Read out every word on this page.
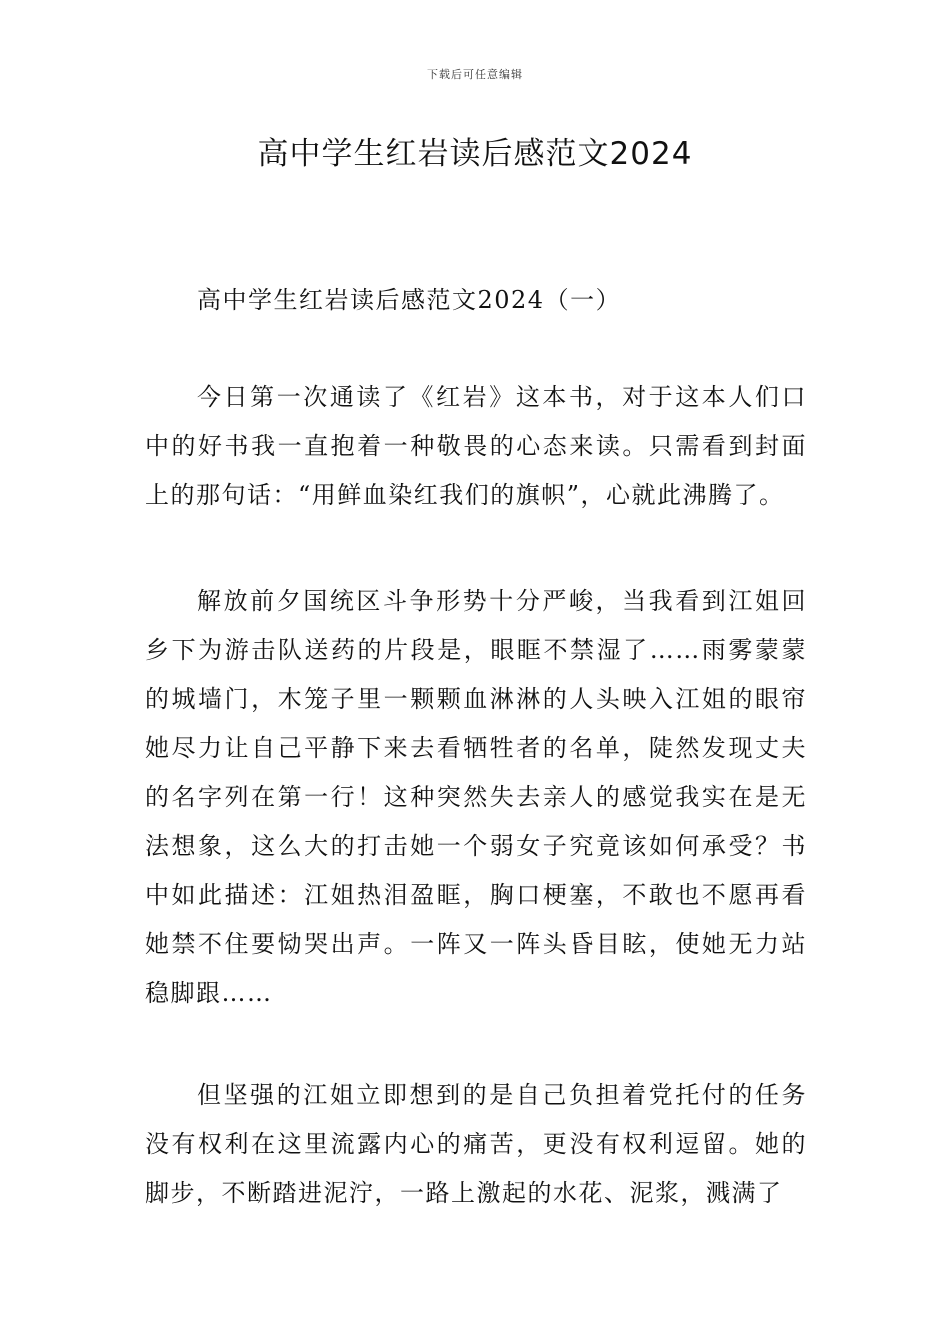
下载后可任意编辑
高中学生红岩读后感范文2024

高中学生红岩读后感范文2024（一）

今日第一次通读了《红岩》这本书，对于这本人们口中的好书我一直抱着一种敬畏的心态来读。只需看到封面上的那句话：“用鲜血染红我们的旗帜”，心就此沸腾了。

解放前夕国统区斗争形势十分严峻，当我看到江姐回乡下为游击队送药的片段是，眼眶不禁湿了……雨雾蒙蒙的城墙门，木笼子里一颗颗血淋淋的人头映入江姐的眼帘她尽力让自己平静下来去看牺牲者的名单，陡然发现丈夫的名字列在第一行！这种突然失去亲人的感觉我实在是无法想象，这么大的打击她一个弱女子究竟该如何承受？书中如此描述：江姐热泪盈眶，胸口梗塞，不敢也不愿再看她禁不住要恸哭出声。一阵又一阵头昏目眩，使她无力站稳脚跟……

但坚强的江姐立即想到的是自己负担着党托付的任务没有权利在这里流露内心的痛苦，更没有权利逗留。她的脚步，不断踏进泥泞，一路上激起的水花、泥浆，溅满了
